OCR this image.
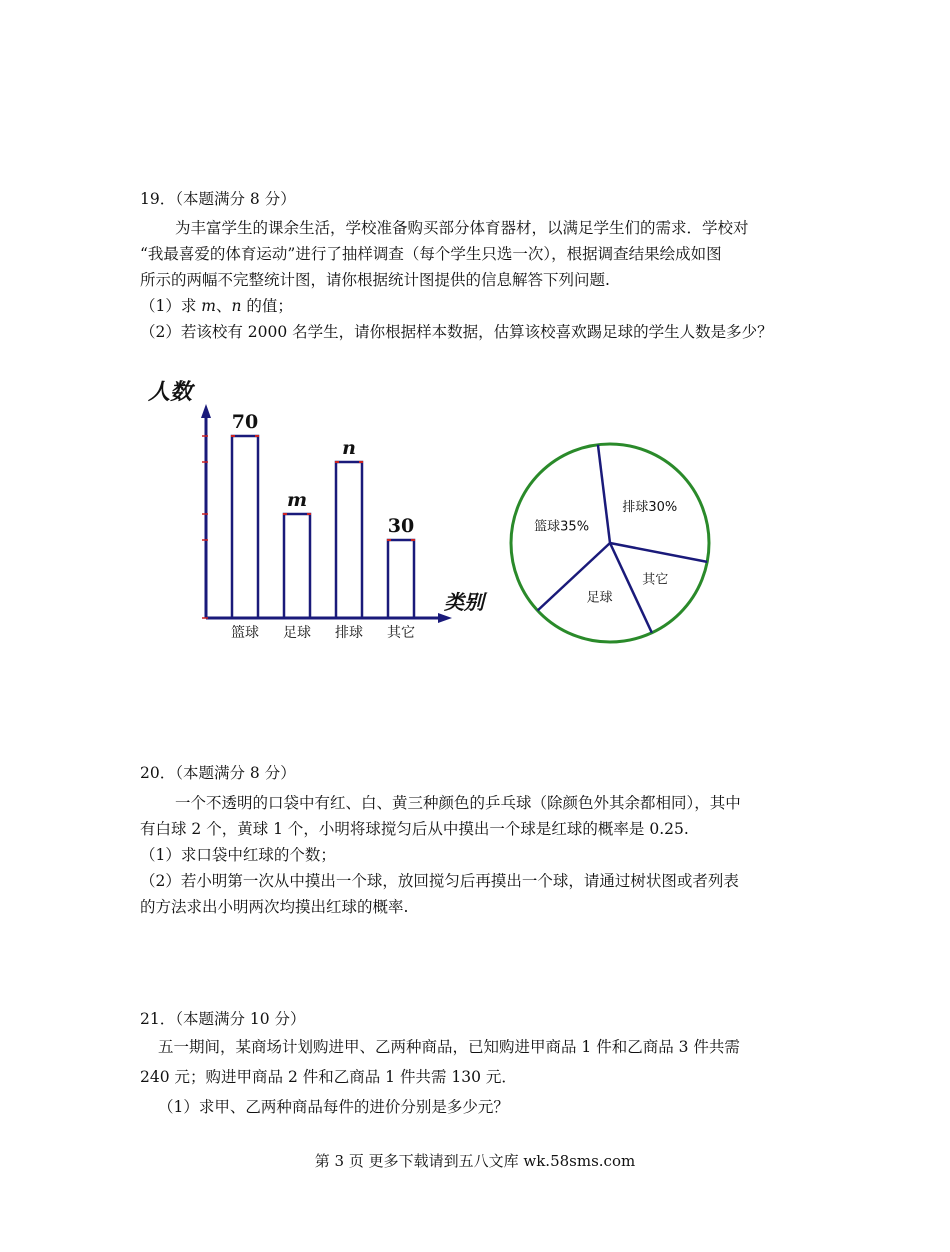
19．（本题满分 8 分）
为丰富学生的课余生活，学校准备购买部分体育器材，以满足学生们的需求．学校对
“我最喜爱的体育运动”进行了抽样调查（每个学生只选一次），根据调查结果绘成如图
所示的两幅不完整统计图，请你根据统计图提供的信息解答下列问题.
（1）求 m、n 的值；
（2）若该校有 2000 名学生，请你根据样本数据，估算该校喜欢踢足球的学生人数是多少？
人数
类别
70
篮球
m
足球
n
排球
30
其它
排球30%
其它
足球
篮球35%
20．（本题满分 8 分）
一个不透明的口袋中有红、白、黄三种颜色的乒乓球（除颜色外其余都相同），其中
有白球 2 个，黄球 1 个，小明将球搅匀后从中摸出一个球是红球的概率是 0.25.
（1）求口袋中红球的个数；
（2）若小明第一次从中摸出一个球，放回搅匀后再摸出一个球，请通过树状图或者列表
的方法求出小明两次均摸出红球的概率.
21．（本题满分 10 分）
五一期间，某商场计划购进甲、乙两种商品，已知购进甲商品 1 件和乙商品 3 件共需
240 元；购进甲商品 2 件和乙商品 1 件共需 130 元．
（1）求甲、乙两种商品每件的进价分别是多少元？
第 3 页 更多下载请到五八文库 wk.58sms.com
